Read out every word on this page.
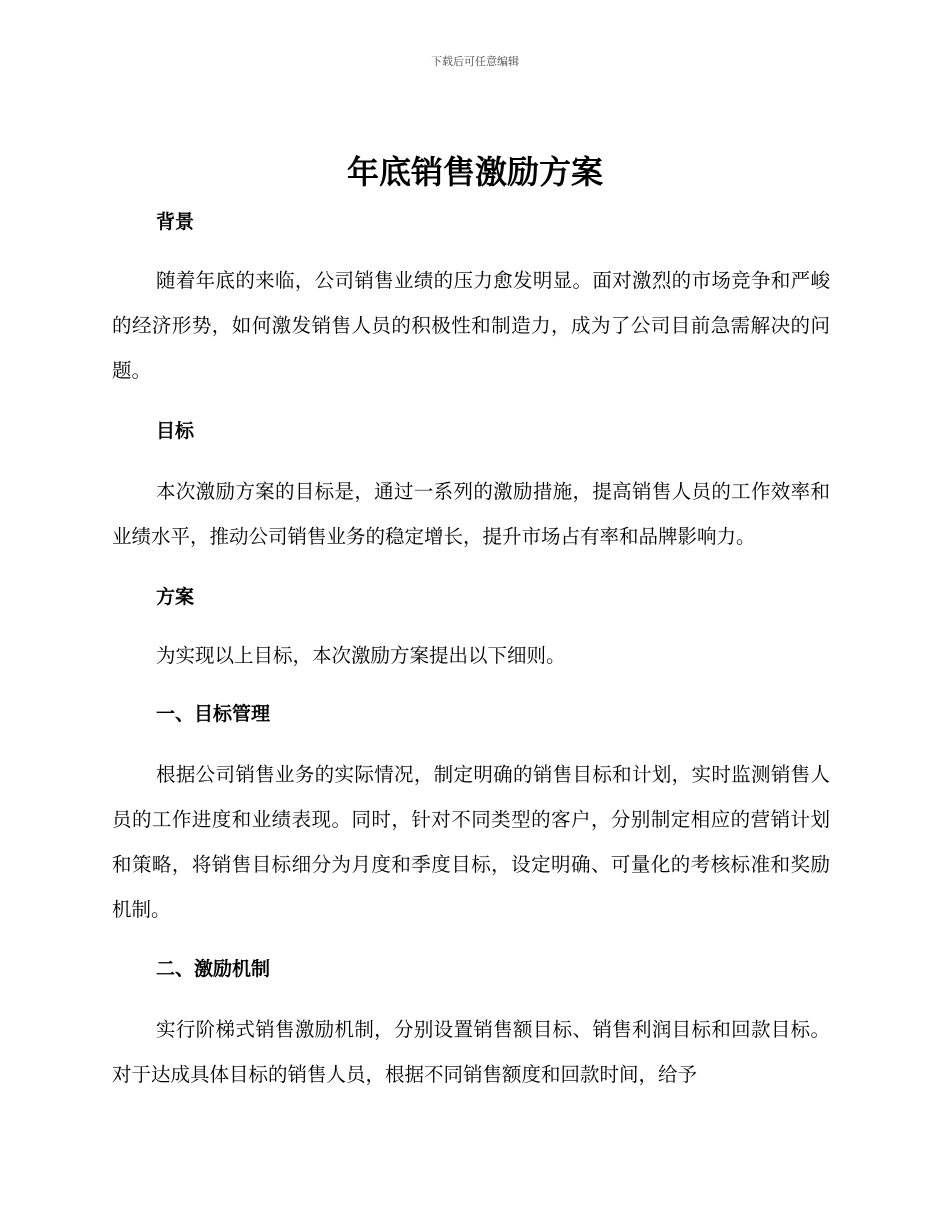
下载后可任意编辑
年底销售激励方案
背景

随着年底的来临，公司销售业绩的压力愈发明显。面对激烈的市场竞争和严峻的经济形势，如何激发销售人员的积极性和制造力，成为了公司目前急需解决的问题。

目标

本次激励方案的目标是，通过一系列的激励措施，提高销售人员的工作效率和业绩水平，推动公司销售业务的稳定增长，提升市场占有率和品牌影响力。

方案

为实现以上目标，本次激励方案提出以下细则。

一、目标管理

根据公司销售业务的实际情况，制定明确的销售目标和计划，实时监测销售人员的工作进度和业绩表现。同时，针对不同类型的客户，分别制定相应的营销计划和策略，将销售目标细分为月度和季度目标，设定明确、可量化的考核标准和奖励机制。

二、激励机制

实行阶梯式销售激励机制，分别设置销售额目标、销售利润目标和回款目标。对于达成具体目标的销售人员，根据不同销售额度和回款时间，给予
